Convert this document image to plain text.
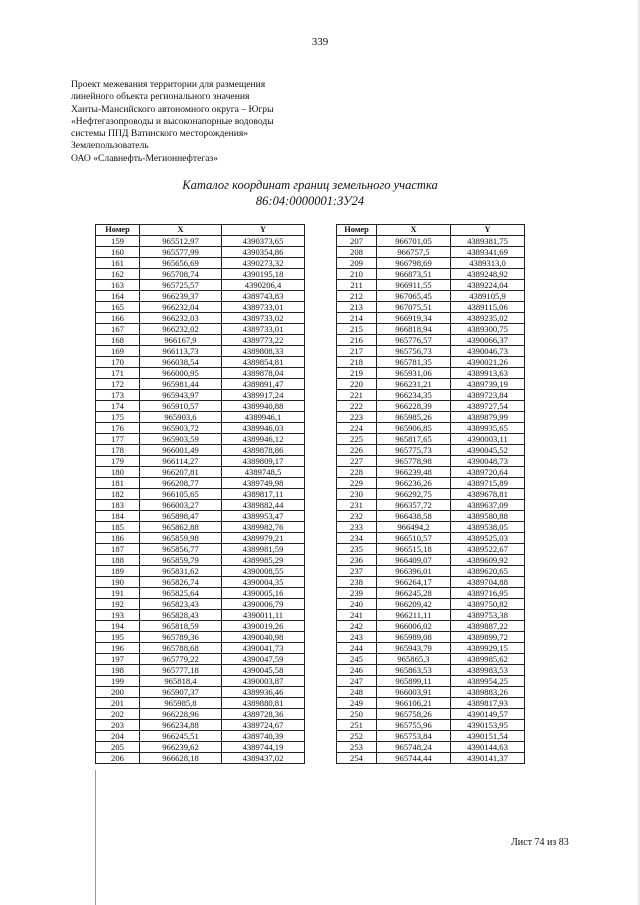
339
Проект межевания территории для размещения
линейного объекта регионального значения
Ханты-Мансийского автономного округа – Югры
«Нефтегазопроводы и высоконапорные водоводы
системы ППД Ватинского месторождения»
Землепользователь
ОАО «Славнефть-Мегионнефтегаз»
Каталог координат границ земельного участка
86:04:0000001:ЗУ24
Номер	X	Y
159	965512,97	4390373,65
160	965577,99	4390354,86
161	965656,69	4390273,32
162	965708,74	4390195,18
163	965725,57	4390206,4
164	966239,37	4389743,83
165	966232,04	4389733,01
166	966232,03	4389733,02
167	966232,02	4389733,01
168	966167,9	4389773,22
169	966113,73	4389808,33
170	966038,54	4389854,81
171	966000,95	4389878,04
172	965981,44	4389891,47
173	965943,97	4389917,24
174	965910,57	4389940,88
175	965903,6	4389946,1
176	965903,72	4389946,03
177	965903,59	4389946,12
178	966001,49	4389878,86
179	966114,27	4389809,17
180	966207,81	4389748,5
181	966208,77	4389749,98
182	966105,65	4389817,11
183	966003,27	4389882,44
184	965898,47	4389953,47
185	965862,88	4389982,76
186	965859,98	4389979,21
187	965856,77	4389981,59
188	965859,79	4389985,29
189	965831,62	4390008,55
190	965826,74	4390004,35
191	965825,64	4390005,16
192	965823,43	4390006,79
193	965828,43	4390011,11
194	965818,59	4390019,26
195	965789,36	4390040,98
196	965788,68	4390041,73
197	965779,22	4390047,59
198	965777,18	4390045,58
199	965818,4	4390003,87
200	965907,37	4389936,46
201	965985,8	4389880,81
202	966228,96	4389728,36
203	966234,88	4389724,67
204	966245,51	4389740,39
205	966239,62	4389744,19
206	966628,18	4389437,02
Номер	X	Y
207	966701,05	4389381,75
208	966757,5	4389341,69
209	966798,69	4389313,0
210	966873,51	4389248,92
211	966911,55	4389224,04
212	967065,45	4389105,9
213	967075,51	4389115,06
214	966919,34	4389235,02
215	966818,94	4389300,75
216	965776,57	4390066,37
217	965756,73	4390046,73
218	965781,35	4390021,26
219	965931,06	4389913,63
220	966231,21	4389739,19
221	966234,35	4389723,84
222	966228,39	4389727,54
223	965985,26	4389879,99
224	965906,85	4389935,65
225	965817,65	4390003,11
226	965775,73	4390045,52
227	965778,98	4390048,73
228	966239,48	4389720,64
229	966236,26	4389715,89
230	966292,75	4389678,81
231	966357,72	4389637,09
232	966438,58	4389580,88
233	966494,2	4389538,05
234	966510,57	4389525,03
235	966515,18	4389522,67
236	966409,07	4389609,92
237	966396,01	4389620,65
238	966264,17	4389704,88
239	966245,28	4389716,95
240	966209,42	4389750,82
241	966211,11	4389753,38
242	966006,02	4389887,22
243	965989,08	4389899,72
244	965943,79	4389929,15
245	965865,3	4389985,62
246	965863,53	4389983,53
247	965899,11	4389954,25
248	966003,91	4389883,26
249	966106,21	4389817,93
250	965758,26	4390149,57
251	965755,96	4390153,95
252	965753,84	4390151,54
253	965748,24	4390144,63
254	965744,44	4390141,37
Лист 74 из 83
